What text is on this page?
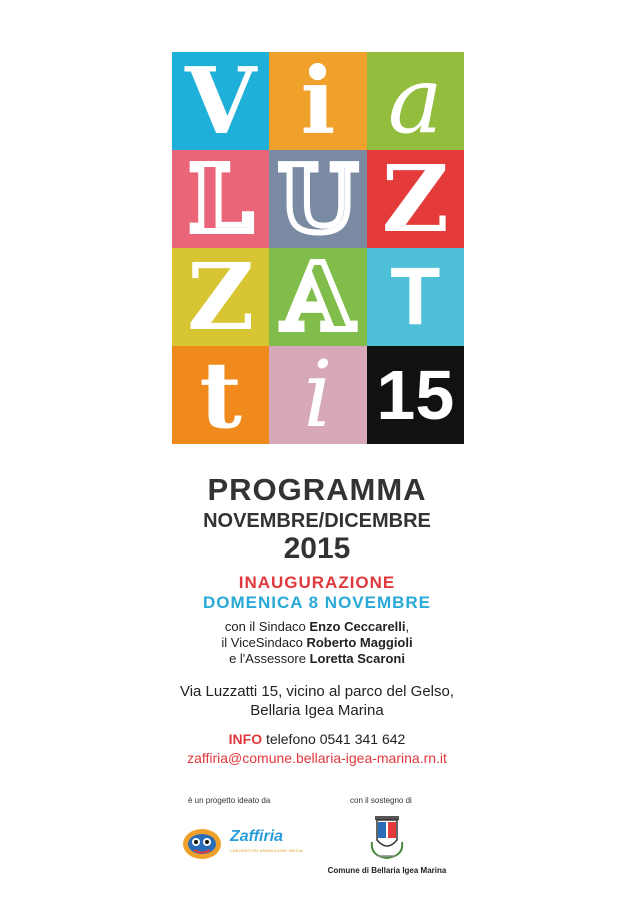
V i a
L U Z
Z A T
t i 15
PROGRAMMA
NOVEMBRE/DICEMBRE
2015
INAUGURAZIONE
DOMENICA 8 NOVEMBRE
con il Sindaco Enzo Ceccarelli,
il ViceSindaco Roberto Maggioli
e l'Assessore Loretta Scaroni
Via Luzzatti 15, vicino al parco del Gelso,
Bellaria Igea Marina
INFO telefono 0541 341 642
zaffiria@comune.bellaria-igea-marina.rn.it
è un progetto ideato da	con il sostegno di
Zaffiria
LABORATORI ANIMAZIONE MEDIA
Comune di Bellaria Igea Marina
